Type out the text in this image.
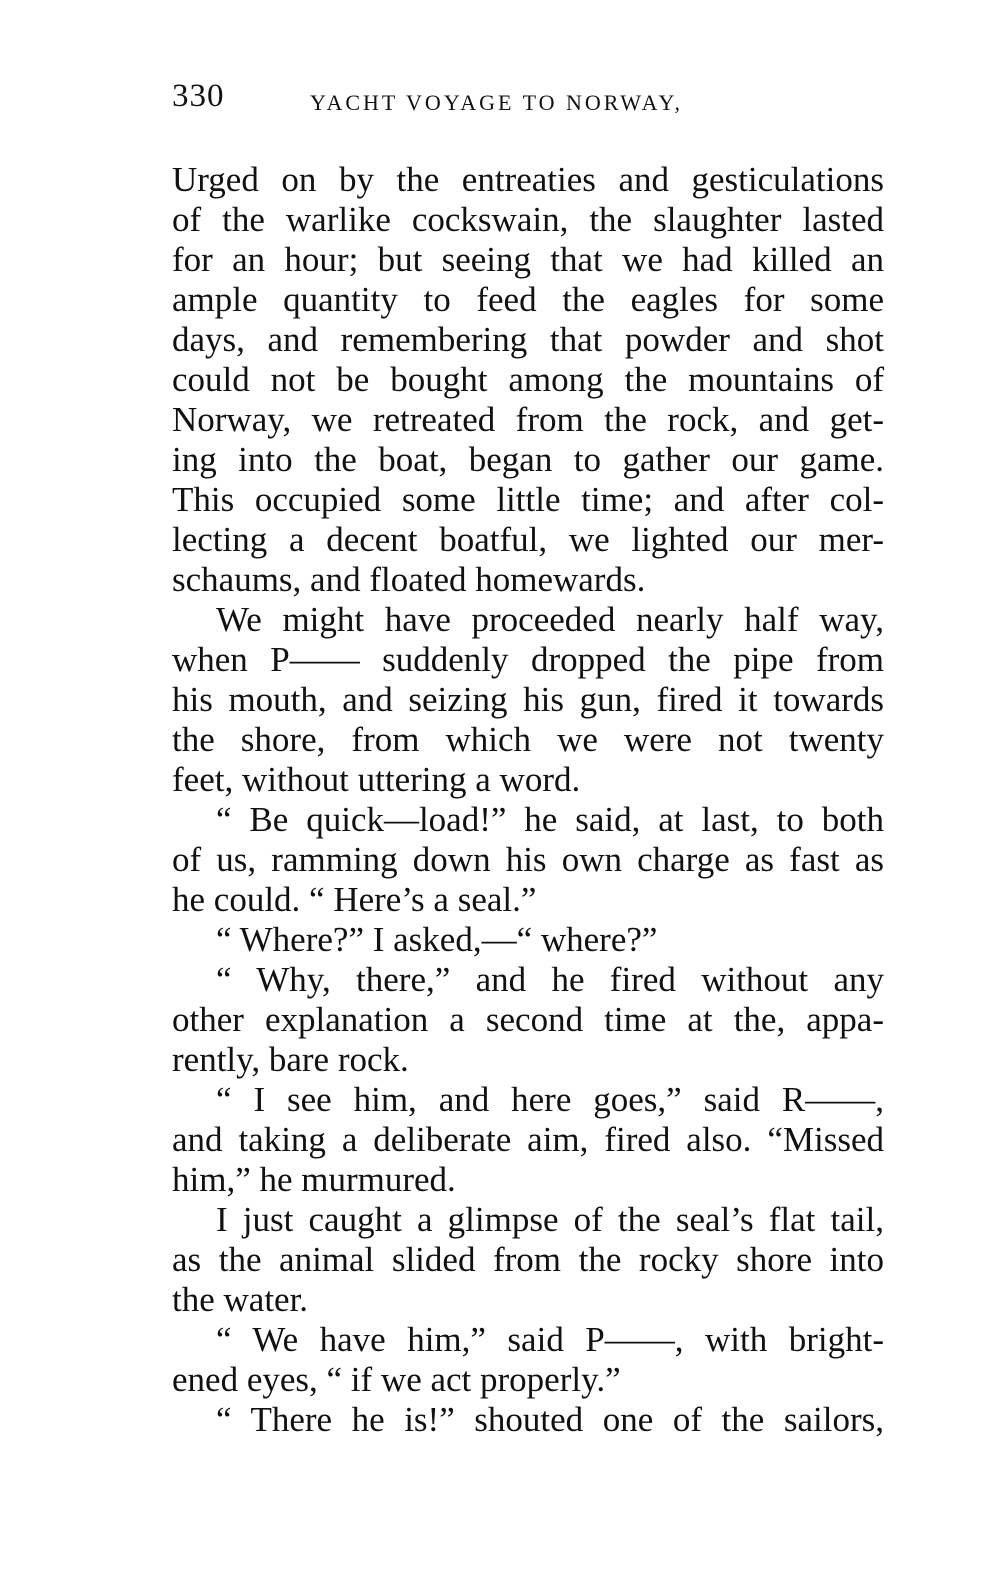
330	YACHT VOYAGE TO NORWAY,
Urged on by the entreaties and gesticulations
of the warlike cockswain, the slaughter lasted
for an hour; but seeing that we had killed an
ample quantity to feed the eagles for some
days, and remembering that powder and shot
could not be bought among the mountains of
Norway, we retreated from the rock, and get-
ing into the boat, began to gather our game.
This occupied some little time; and after col-
lecting a decent boatful, we lighted our mer-
schaums, and floated homewards.
We might have proceeded nearly half way,
when P—— suddenly dropped the pipe from
his mouth, and seizing his gun, fired it towards
the shore, from which we were not twenty
feet, without uttering a word.
“ Be quick—load!” he said, at last, to both
of us, ramming down his own charge as fast as
he could. “ Here’s a seal.”
“ Where?” I asked,—“ where?”
“ Why, there,” and he fired without any
other explanation a second time at the, appa-
rently, bare rock.
“ I see him, and here goes,” said R——,
and taking a deliberate aim, fired also. “Missed
him,” he murmured.
I just caught a glimpse of the seal’s flat tail,
as the animal slided from the rocky shore into
the water.
“ We have him,” said P——, with bright-
ened eyes, “ if we act properly.”
“ There he is!” shouted one of the sailors,
